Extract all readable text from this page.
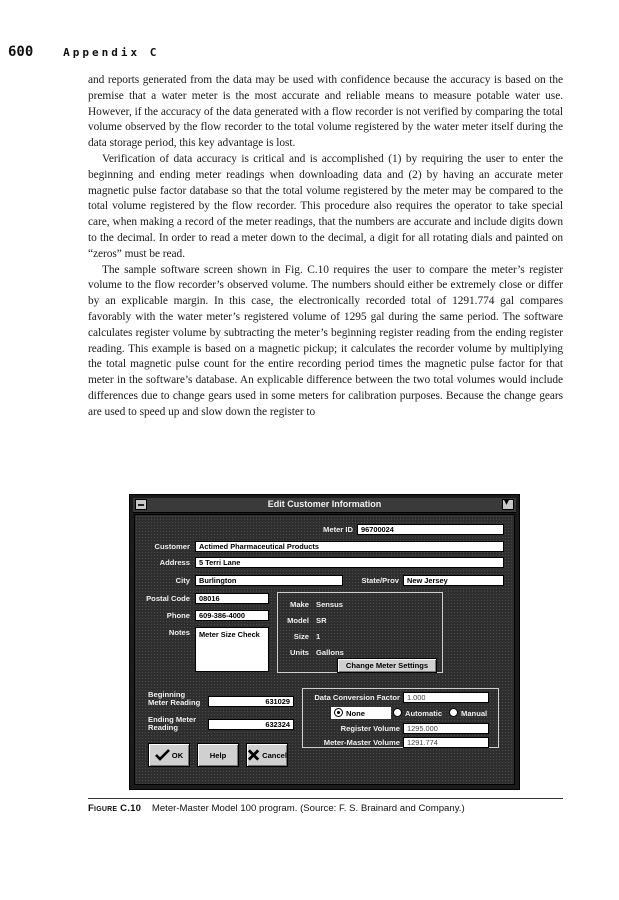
600	Appendix C

and reports generated from the data may be used with confidence because the accuracy is based on the premise that a water meter is the most accurate and reliable means to measure potable water use. However, if the accuracy of the data generated with a flow recorder is not verified by comparing the total volume observed by the flow recorder to the total volume registered by the water meter itself during the data storage period, this key advantage is lost.

Verification of data accuracy is critical and is accomplished (1) by requiring the user to enter the beginning and ending meter readings when downloading data and (2) by having an accurate meter magnetic pulse factor database so that the total volume registered by the meter may be compared to the total volume registered by the flow recorder. This procedure also requires the operator to take special care, when making a record of the meter readings, that the numbers are accurate and include digits down to the decimal. In order to read a meter down to the decimal, a digit for all rotating dials and painted on “zeros” must be read.

The sample software screen shown in Fig. C.10 requires the user to compare the meter’s register volume to the flow recorder’s observed volume. The numbers should either be extremely close or differ by an explicable margin. In this case, the electronically recorded total of 1291.774 gal compares favorably with the water meter’s registered volume of 1295 gal during the same period. The software calculates register volume by subtracting the meter’s beginning register reading from the ending register reading. This example is based on a magnetic pickup; it calculates the recorder volume by multiplying the total magnetic pulse count for the entire recording period times the magnetic pulse factor for that meter in the software’s database. An explicable difference between the two total volumes would include differences due to change gears used in some meters for calibration purposes. Because the change gears are used to speed up and slow down the register to

Edit Customer Information
▾
Meter ID	96700024
Customer	Actimed Pharmaceutical Products
Address	5 Terri Lane
City	Burlington	State/Prov	New Jersey
Postal Code	08016
Phone	609-386-4000
Notes	Meter Size Check
Make Sensus
Model SR
Size 1
Units Gallons
Change Meter Settings
Beginning
Meter Reading	631029
Ending Meter
Reading	632324
Data Conversion Factor 1.000
None	Automatic Manual
Register Volume 1295.000
Meter-Master Volume 1291.774
OK	Help	Cancel
Figure C.10 Meter-Master Model 100 program. (Source: F. S. Brainard and Company.)
